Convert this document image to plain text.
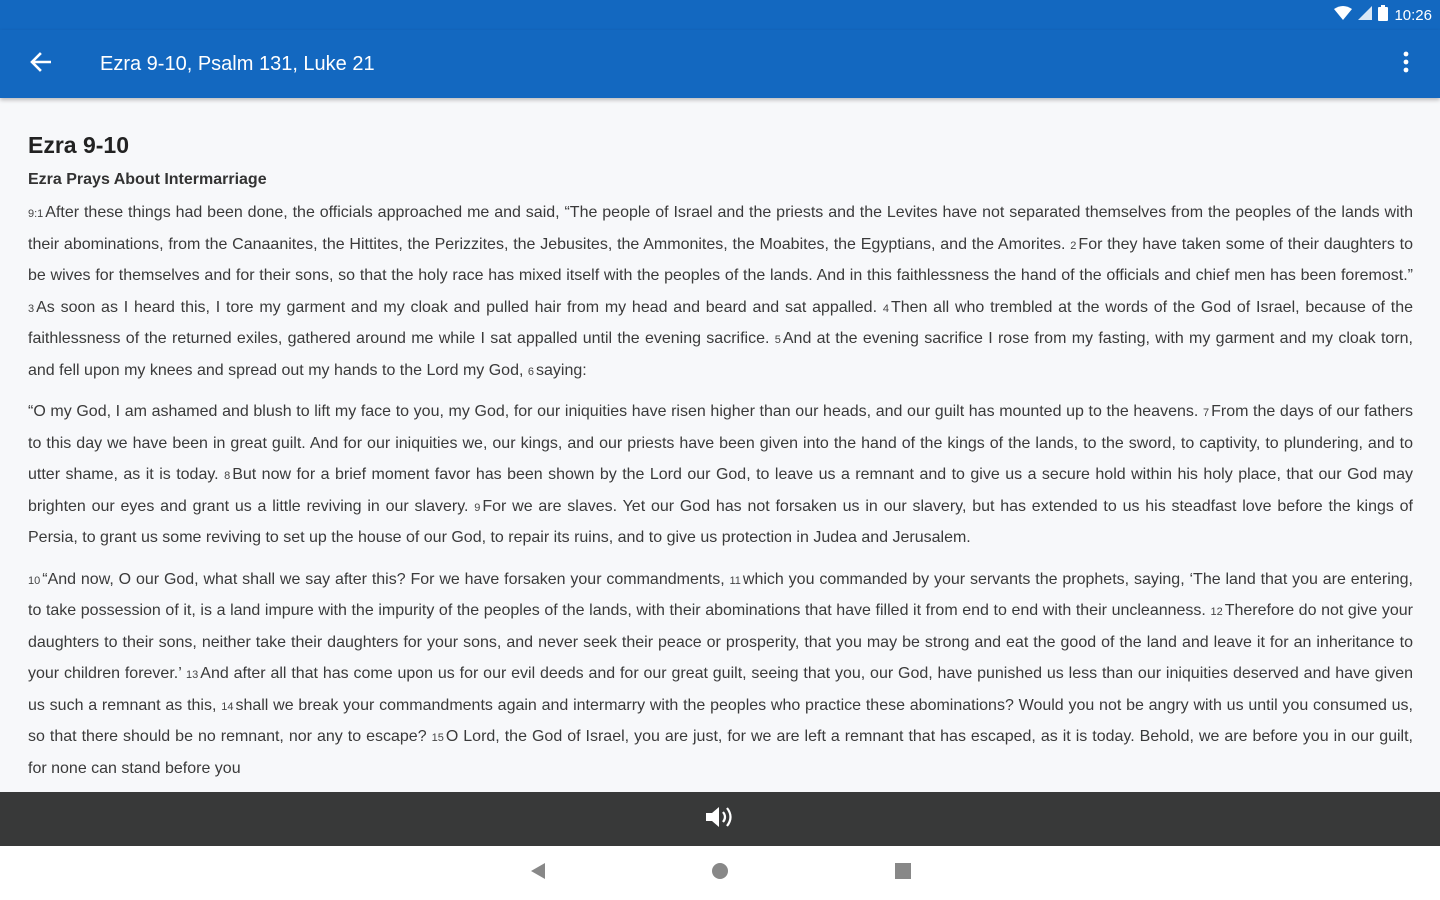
10:26
Ezra 9-10, Psalm 131, Luke 21
Ezra 9-10
Ezra Prays About Intermarriage

$^{9:1}$ After these things had been done, the officials approached me and said, “The people of Israel and the priests and the Levites have not separated themselves from the peoples of the lands with their abominations, from the Canaanites, the Hittites, the Perizzites, the Jebusites, the Ammonites, the Moabites, the Egyptians, and the Amorites. $^2$ For they have taken some of their daughters to be wives for themselves and for their sons, so that the holy race has mixed itself with the peoples of the lands. And in this faithlessness the hand of the officials and chief men has been foremost.” $^3$ As soon as I heard this, I tore my garment and my cloak and pulled hair from my head and beard and sat appalled. $^4$ Then all who trembled at the words of the God of Israel, because of the faithlessness of the returned exiles, gathered around me while I sat appalled until the evening sacrifice. $^5$ And at the evening sacrifice I rose from my fasting, with my garment and my cloak torn, and fell upon my knees and spread out my hands to the Lord my God, $^6$ saying:

“O my God, I am ashamed and blush to lift my face to you, my God, for our iniquities have risen higher than our heads, and our guilt has mounted up to the heavens. $^7$ From the days of our fathers to this day we have been in great guilt. And for our iniquities we, our kings, and our priests have been given into the hand of the kings of the lands, to the sword, to captivity, to plundering, and to utter shame, as it is today. $^8$ But now for a brief moment favor has been shown by the Lord our God, to leave us a remnant and to give us a secure hold within his holy place, that our God may brighten our eyes and grant us a little reviving in our slavery. $^9$ For we are slaves. Yet our God has not forsaken us in our slavery, but has extended to us his steadfast love before the kings of Persia, to grant us some reviving to set up the house of our God, to repair its ruins, and to give us protection in Judea and Jerusalem.

$^{10}$ “And now, O our God, what shall we say after this? For we have forsaken your commandments, $^{11}$ which you commanded by your servants the prophets, saying, ‘The land that you are entering, to take possession of it, is a land impure with the impurity of the peoples of the lands, with their abominations that have filled it from end to end with their uncleanness. $^{12}$ Therefore do not give your daughters to their sons, neither take their daughters for your sons, and never seek their peace or prosperity, that you may be strong and eat the good of the land and leave it for an inheritance to your children forever.’ $^{13}$ And after all that has come upon us for our evil deeds and for our great guilt, seeing that you, our God, have punished us less than our iniquities deserved and have given us such a remnant as this, $^{14}$ shall we break your commandments again and intermarry with the peoples who practice these abominations? Would you not be angry with us until you consumed us, so that there should be no remnant, nor any to escape? $^{15}$ O Lord, the God of Israel, you are just, for we are left a remnant that has escaped, as it is today. Behold, we are before you in our guilt, for none can stand before you
